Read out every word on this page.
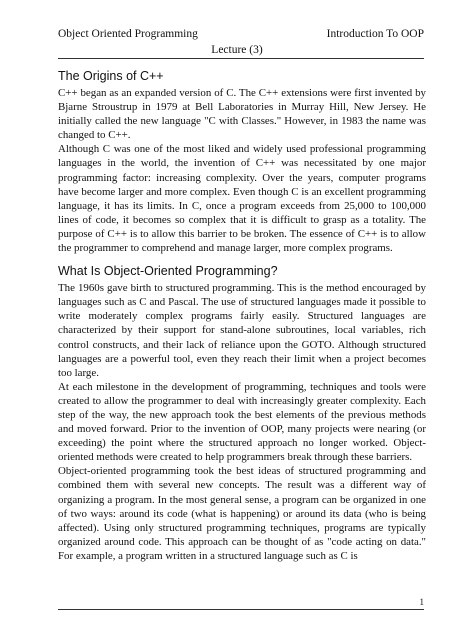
Object Oriented Programming	Introduction To OOP
Lecture (3)
The Origins of C++

C++ began as an expanded version of C. The C++ extensions were first invented by Bjarne Stroustrup in 1979 at Bell Laboratories in Murray Hill, New Jersey. He initially called the new language "C with Classes." However, in 1983 the name was changed to C++.

Although C was one of the most liked and widely used professional programming languages in the world, the invention of C++ was necessitated by one major programming factor: increasing complexity. Over the years, computer programs have become larger and more complex. Even though C is an excellent programming language, it has its limits. In C, once a program exceeds from 25,000 to 100,000 lines of code, it becomes so complex that it is difficult to grasp as a totality. The purpose of C++ is to allow this barrier to be broken. The essence of C++ is to allow the programmer to comprehend and manage larger, more complex programs.

What Is Object-Oriented Programming?

The 1960s gave birth to structured programming. This is the method encouraged by languages such as C and Pascal. The use of structured languages made it possible to write moderately complex programs fairly easily. Structured languages are characterized by their support for stand-alone subroutines, local variables, rich control constructs, and their lack of reliance upon the GOTO. Although structured languages are a powerful tool, even they reach their limit when a project becomes too large.

At each milestone in the development of programming, techniques and tools were created to allow the programmer to deal with increasingly greater complexity. Each step of the way, the new approach took the best elements of the previous methods and moved forward. Prior to the invention of OOP, many projects were nearing (or exceeding) the point where the structured approach no longer worked. Object-oriented methods were created to help programmers break through these barriers.

Object-oriented programming took the best ideas of structured programming and combined them with several new concepts. The result was a different way of organizing a program. In the most general sense, a program can be organized in one of two ways: around its code (what is happening) or around its data (who is being affected). Using only structured programming techniques, programs are typically organized around code. This approach can be thought of as "code acting on data." For example, a program written in a structured language such as C is

1
